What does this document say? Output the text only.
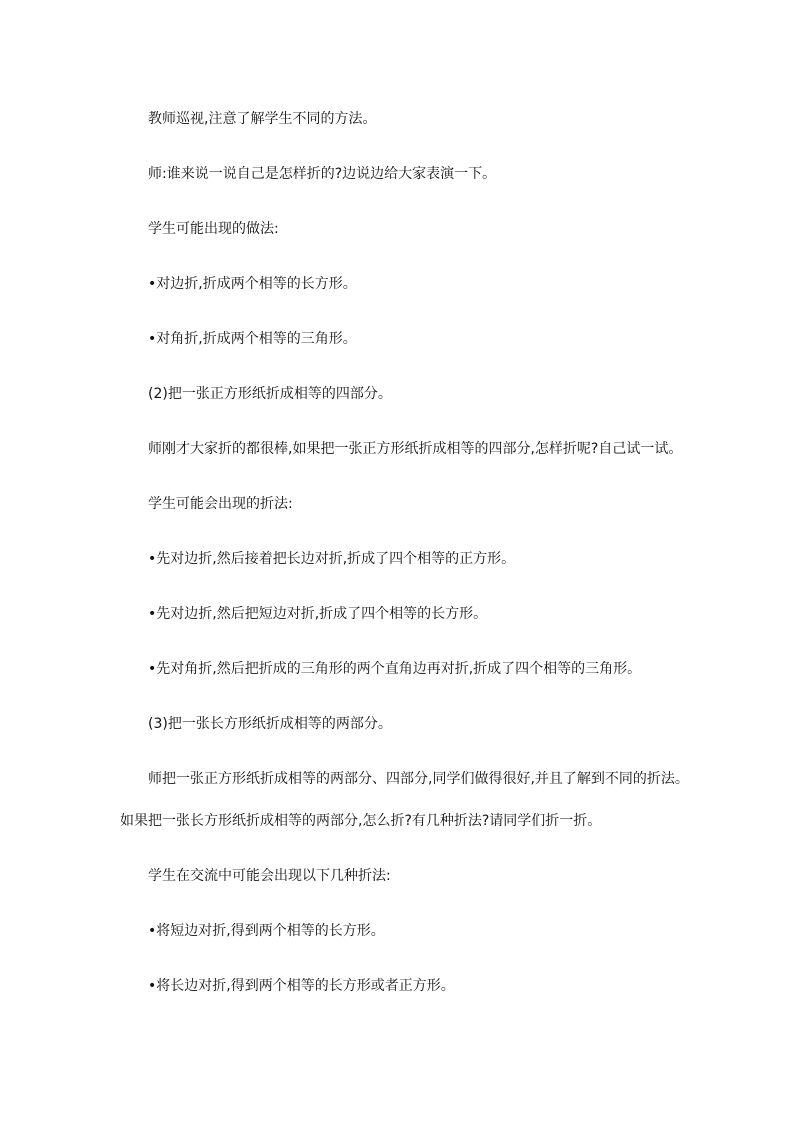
教师巡视,注意了解学生不同的方法。
师:谁来说一说自己是怎样折的?边说边给大家表演一下。
学生可能出现的做法:
•对边折,折成两个相等的长方形。
•对角折,折成两个相等的三角形。
(2)把一张正方形纸折成相等的四部分。
师刚才大家折的都很棒,如果把一张正方形纸折成相等的四部分,怎样折呢?自己试一试。
学生可能会出现的折法:
•先对边折,然后接着把长边对折,折成了四个相等的正方形。
•先对边折,然后把短边对折,折成了四个相等的长方形。
•先对角折,然后把折成的三角形的两个直角边再对折,折成了四个相等的三角形。
(3)把一张长方形纸折成相等的两部分。
师把一张正方形纸折成相等的两部分、四部分,同学们做得很好,并且了解到不同的折法。
如果把一张长方形纸折成相等的两部分,怎么折?有几种折法?请同学们折一折。
学生在交流中可能会出现以下几种折法:
•将短边对折,得到两个相等的长方形。
•将长边对折,得到两个相等的长方形或者正方形。
